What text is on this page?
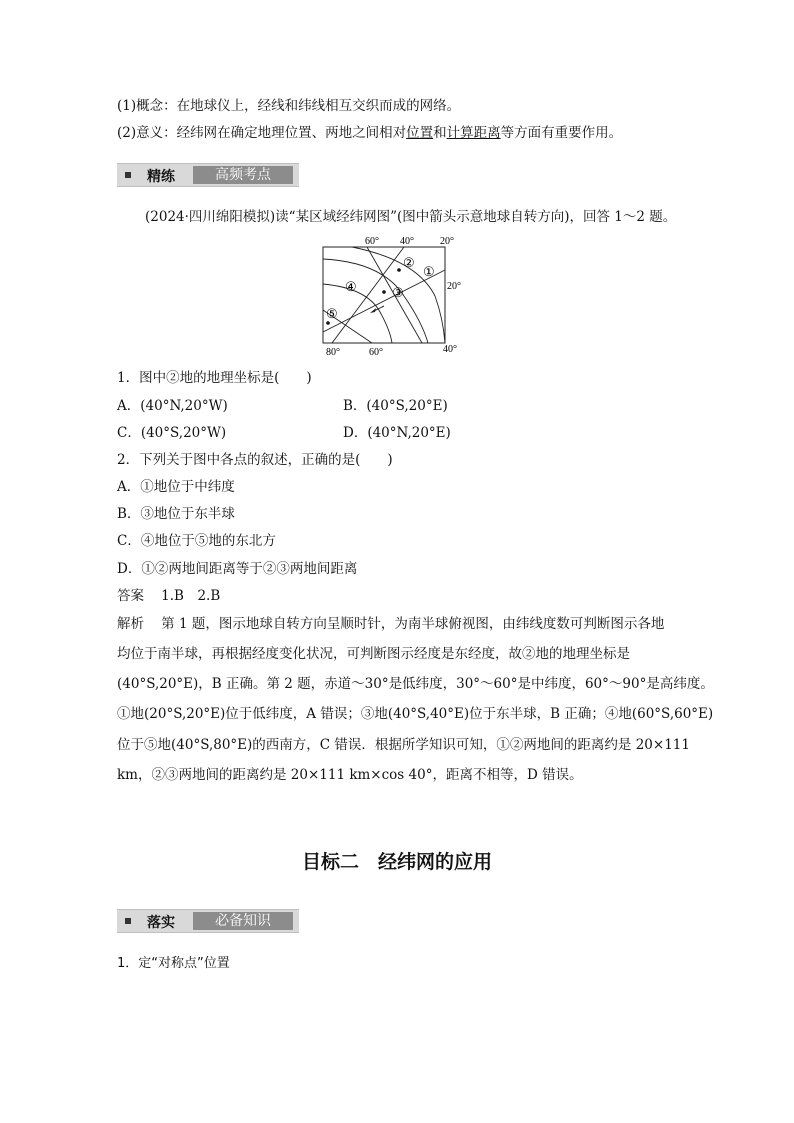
(1)概念：在地球仪上，经线和纬线相互交织而成的网络。
(2)意义：经纬网在确定地理位置、两地之间相对位置和计算距离等方面有重要作用。
精练	高频考点
(2024·四川绵阳模拟)读“某区域经纬网图”(图中箭头示意地球自转方向)，回答 1～2 题。
60° 40°	20°
20°
80°	60°	40°
①
②
③
④
⑤
1．图中②地的地理坐标是(　　)
A．(40°N,20°W)	B．(40°S,20°E)
C．(40°S,20°W)	D．(40°N,20°E)
2．下列关于图中各点的叙述，正确的是(　　)
A．①地位于中纬度
B．③地位于东半球
C．④地位于⑤地的东北方
D．①②两地间距离等于②③两地间距离
答案 1.B　2.B
解析 第 1 题，图示地球自转方向呈顺时针，为南半球俯视图，由纬线度数可判断图示各地
均位于南半球，再根据经度变化状况，可判断图示经度是东经度，故②地的地理坐标是
(40°S,20°E)，B 正确。第 2 题，赤道～30°是低纬度，30°～60°是中纬度，60°～90°是高纬度。
①地(20°S,20°E)位于低纬度，A 错误；③地(40°S,40°E)位于东半球，B 正确；④地(60°S,60°E)
位于⑤地(40°S,80°E)的西南方，C 错误．根据所学知识可知，①②两地间的距离约是 20×111
km，②③两地间的距离约是 20×111 km×cos 40°，距离不相等，D 错误。
目标二　经纬网的应用
落实	必备知识
1．定“对称点”位置
